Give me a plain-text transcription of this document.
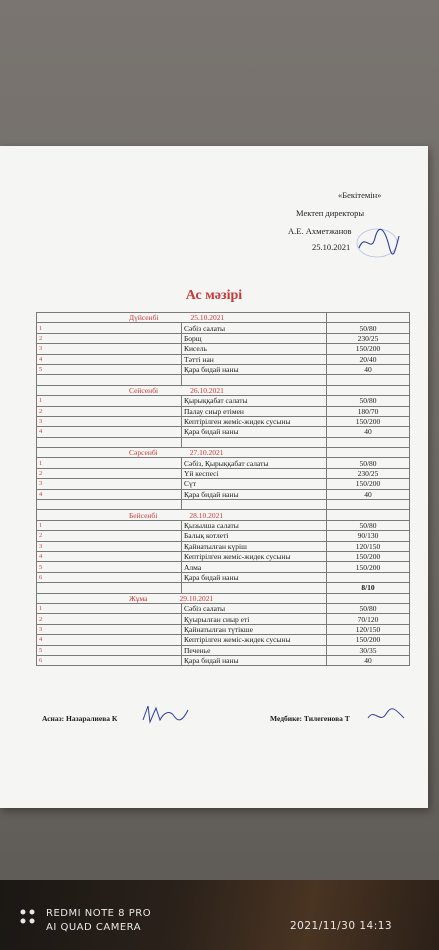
«Бекітемін»
Мектеп директоры
А.Е. Ахметжанов
25.10.2021
Ас мәзірі
Дүйсенбі 25.10.2021		
1	Сәбіз салаты	50/80
2	Борщ	230/25
3	Кисель	150/200
4	Тәтті нан	20/40
5	Қара бидай наны	40

Сейсенбі 26.10.2021		
1	Қырыққабат салаты	50/80
2	Палау сиыр етімен	180/70
3	Кептірілген жеміс-жидек сусыны	150/200
4	Қара бидай наны	40

Сәрсенбі 27.10.2021		
1	Сәбіз, Қырыққабат салаты	50/80
2	Үй кеспесі	230/25
3	Сүт	150/200
4	Қара бидай наны	40

Бейсенбі 28.10.2021		
1	Қызылша салаты	50/80
2	Балық котлеті	90/130
3	Қайнатылған күріш	120/150
4	Кептірілген жеміс-жидек сусыны	150/200
5	Алма	150/200
6	Қара бидай наны	
		8/10
Жұма 29.10.2021		
1	Сәбіз салаты	50/80
2	Қуырылған сиыр еті	70/120
3	Қайнатылған түтікше	120/150
4	Кептірілген жеміс-жидек сусыны	150/200
5	Печенье	30/35
6	Қара бидай наны	40
Асназ: Назаралиева К	Медбике: Тилегенова Т
REDMI NOTE 8 PRO
AI QUAD CAMERA	2021/11/30 14:13
